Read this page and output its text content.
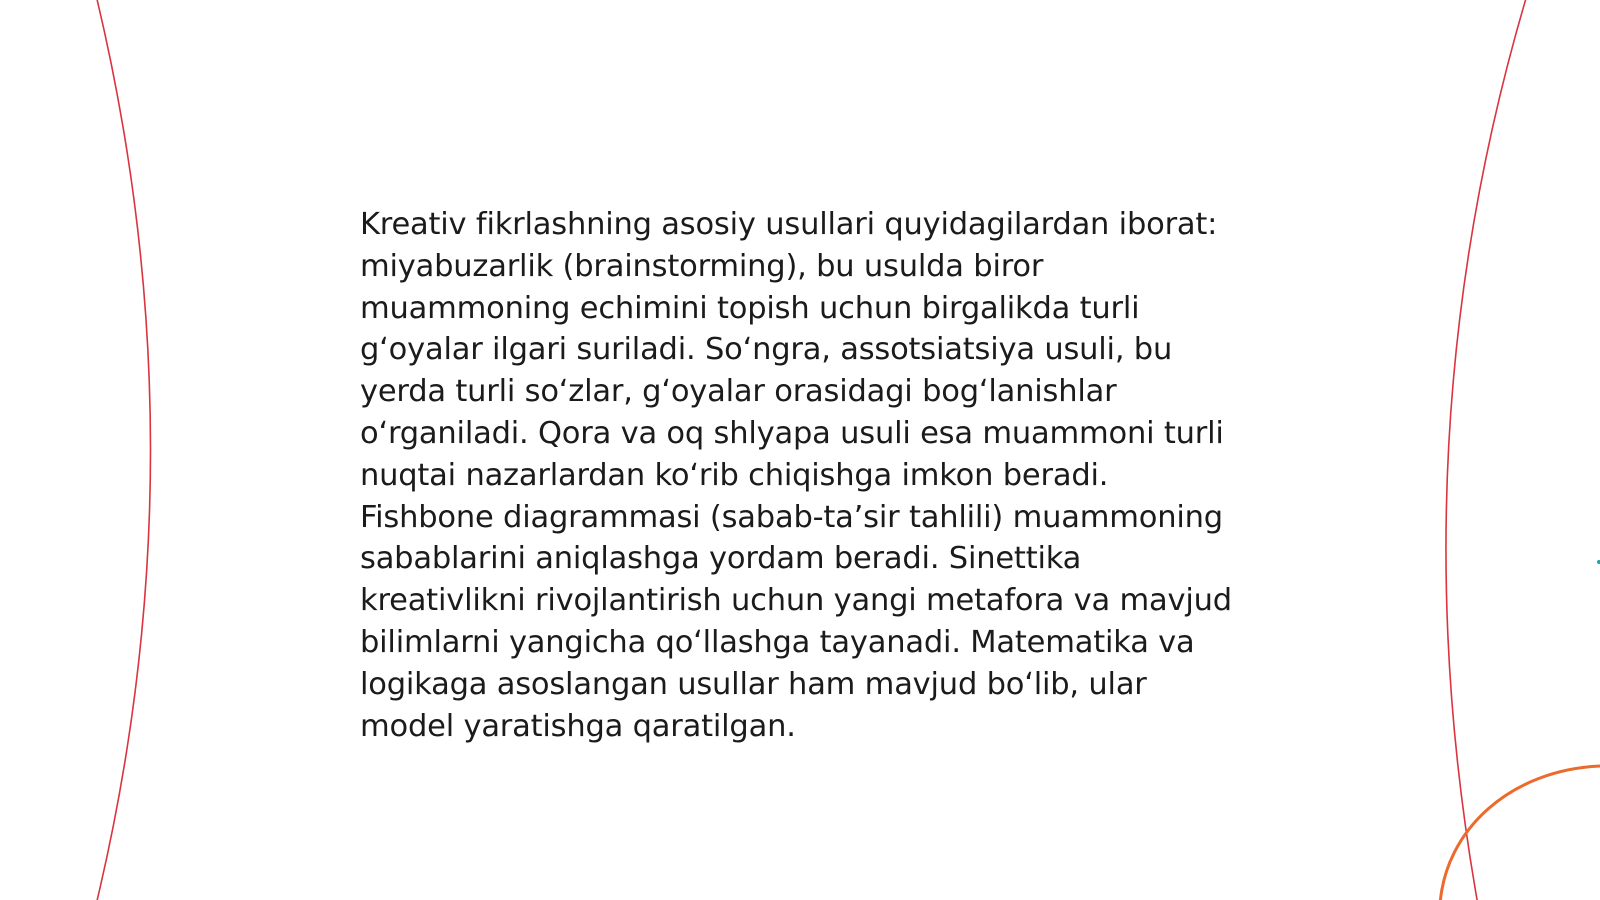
Kreativ fikrlashning asosiy usullari quyidagilardan iborat: miyabuzarlik (brainstorming), bu usulda biror muammoning echimini topish uchun birgalikda turli g‘oyalar ilgari suriladi. So‘ngra, assotsiatsiya usuli, bu yerda turli so‘zlar, g‘oyalar orasidagi bog‘lanishlar o‘rganiladi. Qora va oq shlyapa usuli esa muammoni turli nuqtai nazarlardan ko‘rib chiqishga imkon beradi. Fishbone diagrammasi (sabab-ta’sir tahlili) muammoning sabablarini aniqlashga yordam beradi. Sinettika kreativlikni rivojlantirish uchun yangi metafora va mavjud bilimlarni yangicha qo‘llashga tayanadi. Matematika va logikaga asoslangan usullar ham mavjud bo‘lib, ular model yaratishga qaratilgan.
